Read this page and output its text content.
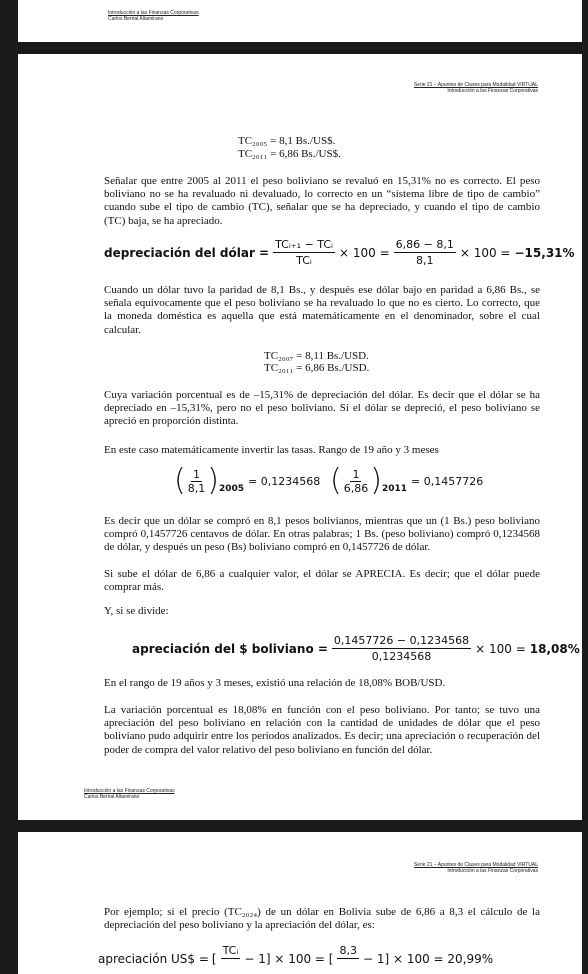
Introducción a las Finanzas Corporativas
Carlos Bernal Altamirano
Serie 21 – Apuntes de Clases para Modalidad VIRTUAL
Introducción a las Finanzas Corporativas
TC₂₀₀₅ = 8,1 Bs./US$.
TC₂₀₁₁ = 6,86 Bs./US$.
Señalar que entre 2005 al 2011 el peso boliviano se revaluó en 15,31% no es correcto. El peso boliviano no se ha revaluado ni devaluado, lo correcto en un “sistema libre de tipo de cambio” cuando sube el tipo de cambio (TC), señalar que se ha depreciado, y cuando el tipo de cambio (TC) baja, se ha apreciado.
depreciación del dólar = $\frac{\text{TCᵢ₊₁ − TCᵢ}}{\text{TCᵢ}} \times 100 = \frac{6,86 - 8,1}{8,1} \times 100 = -15,31\%$
Cuando un dólar tuvo la paridad de 8,1 Bs., y después ese dólar bajo en paridad a 6,86 Bs., se señala equivocamente que el peso boliviano se ha revaluado lo que no es cierto. Lo correcto, que la moneda doméstica es aquella que está matemáticamente en el denominador, sobre el cual calcular.
TC₂₀₀₇ = 8,11 Bs./USD.
TC₂₀₁₁ = 6,86 Bs./USD.
Cuya variación porcentual es de –15,31% de depreciación del dólar. Es decir que el dólar se ha depreciado en –15,31%, pero no el peso boliviano. Si el dólar se depreció, el peso boliviano se apreció en proporción distinta.
En este caso matemáticamente invertir las tasas. Rango de 19 año y 3 meses
( $\frac{1}{8,1}$ ) 2005
= 0,1234568 ( $\frac{1}{6,86}$ ) 2011
= 0,1457726
Es decir que un dólar se compró en 8,1 pesos bolivianos, mientras que un (1 Bs.) peso boliviano compró 0,1457726 centavos de dólar. En otras palabras; 1 Bs. (peso boliviano) compró 0,1234568 de dólar, y después un peso (Bs) boliviano compró en 0,1457726 de dólar.
Si sube el dólar de 6,86 a cualquier valor, el dólar se APRECIA. Es decir; que el dólar puede comprar más.
Y, si se divide:
apreciación del $ boliviano = $\frac{0,1457726 - 0,1234568}{0,1234568} \times 100 = 18,08\%$
En el rango de 19 años y 3 meses, existió una relación de 18,08% BOB/USD.
La variación porcentual es 18,08% en función con el peso boliviano. Por tanto; se tuvo una apreciación del peso boliviano en relación con la cantidad de unidades de dólar que el peso boliviano pudo adquirir entre los periodos analizados. Es decir; una apreciación o recuperación del poder de compra del valor relativo del peso boliviano en función del dólar.
Introducción a las Finanzas Corporativas
Carlos Bernal Altamirano
Serie 21 – Apuntes de Clases para Modalidad VIRTUAL
Introducción a las Finanzas Corporativas
Por ejemplo; si el precio (TC₂₀₂₄) de un dólar en Bolivia sube de 6,86 a 8,3 el cálculo de la depreciación del peso boliviano y la apreciación del dólar, es:
apreciación US$ = [
TCᵢ

− 1] × 100 = [
8,3

− 1] × 100 = 20,99%
